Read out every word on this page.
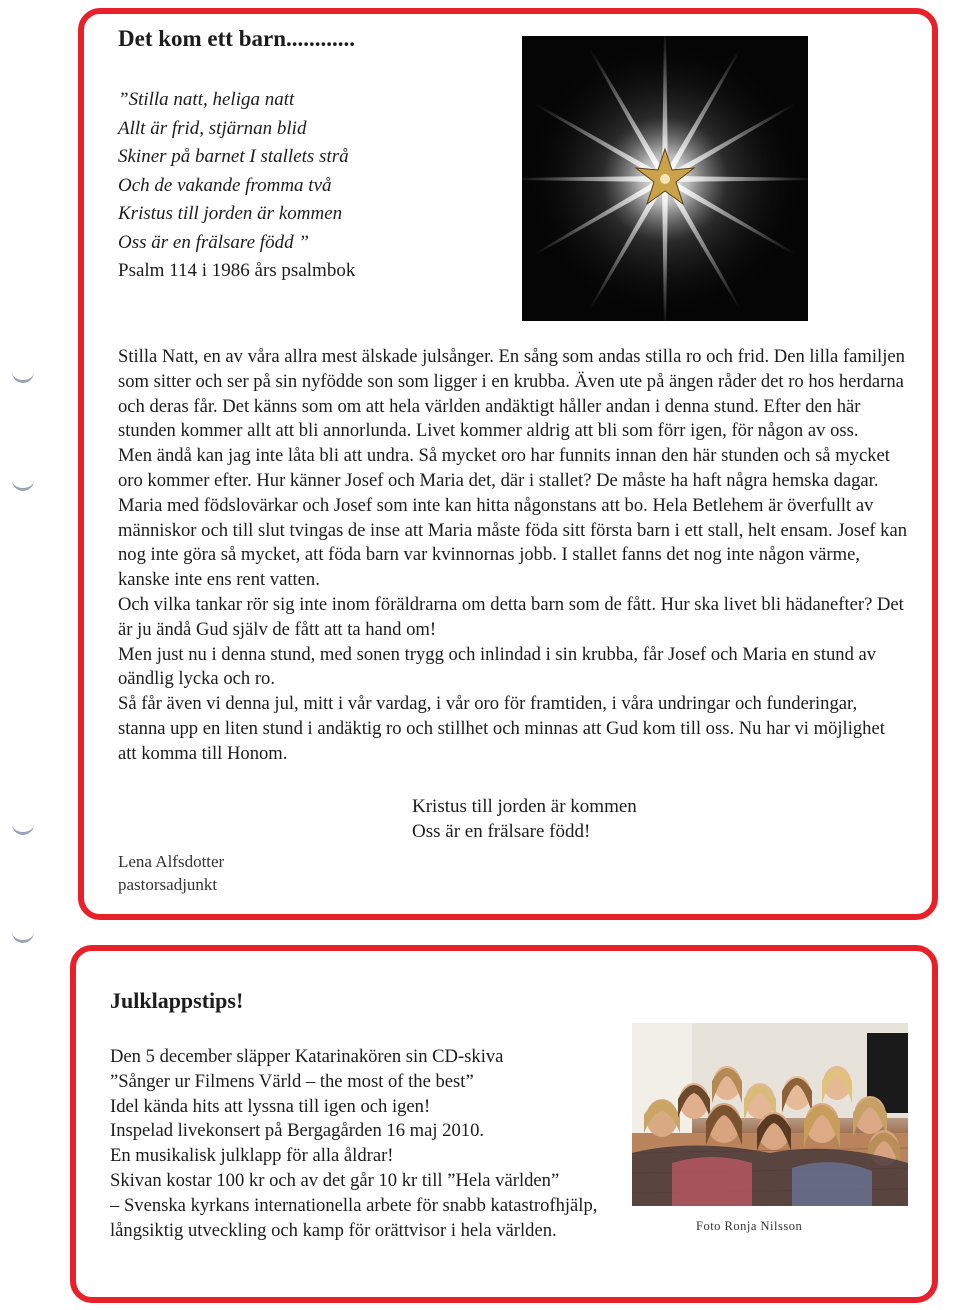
Det kom ett barn............
”Stilla natt, heliga natt
Allt är frid, stjärnan blid
Skiner på barnet I stallets strå
Och de vakande fromma två
Kristus till jorden är kommen
Oss är en frälsare född ”
Psalm 114 i 1986 års psalmbok

Stilla Natt, en av våra allra mest älskade julsånger. En sång som andas stilla ro och frid. Den lilla familjen som sitter och ser på sin nyfödde son som ligger i en krubba. Även ute på ängen råder det ro hos herdarna och deras får. Det känns som om att hela världen andäktigt håller andan i denna stund. Efter den här stunden kommer allt att bli annorlunda. Livet kommer aldrig att bli som förr igen, för någon av oss.

Men ändå kan jag inte låta bli att undra. Så mycket oro har funnits innan den här stunden och så mycket oro kommer efter. Hur känner Josef och Maria det, där i stallet? De måste ha haft några hemska dagar. Maria med födslovärkar och Josef som inte kan hitta någonstans att bo. Hela Betlehem är överfullt av människor och till slut tvingas de inse att Maria måste föda sitt första barn i ett stall, helt ensam. Josef kan nog inte göra så mycket, att föda barn var kvinnornas jobb. I stallet fanns det nog inte någon värme, kanske inte ens rent vatten.

Och vilka tankar rör sig inte inom föräldrarna om detta barn som de fått. Hur ska livet bli hädanefter? Det är ju ändå Gud själv de fått att ta hand om!

Men just nu i denna stund, med sonen trygg och inlindad i sin krubba, får Josef och Maria en stund av oändlig lycka och ro.

Så får även vi denna jul, mitt i vår vardag, i vår oro för framtiden, i våra undringar och funderingar, stanna upp en liten stund i andäktig ro och stillhet och minnas att Gud kom till oss. Nu har vi möjlighet att komma till Honom.

Kristus till jorden är kommen
Oss är en frälsare född!
Lena Alfsdotter
pastorsadjunkt
Julklappstips!
Den 5 december släpper Katarinakören sin CD-skiva
”Sånger ur Filmens Värld – the most of the best”
Idel kända hits att lyssna till igen och igen!
Inspelad livekonsert på Bergagården 16 maj 2010.
En musikalisk julklapp för alla åldrar!
Skivan kostar 100 kr och av det går 10 kr till ”Hela världen”
– Svenska kyrkans internationella arbete för snabb katastrofhjälp,
långsiktig utveckling och kamp för orättvisor i hela världen.	Foto Ronja Nilsson
